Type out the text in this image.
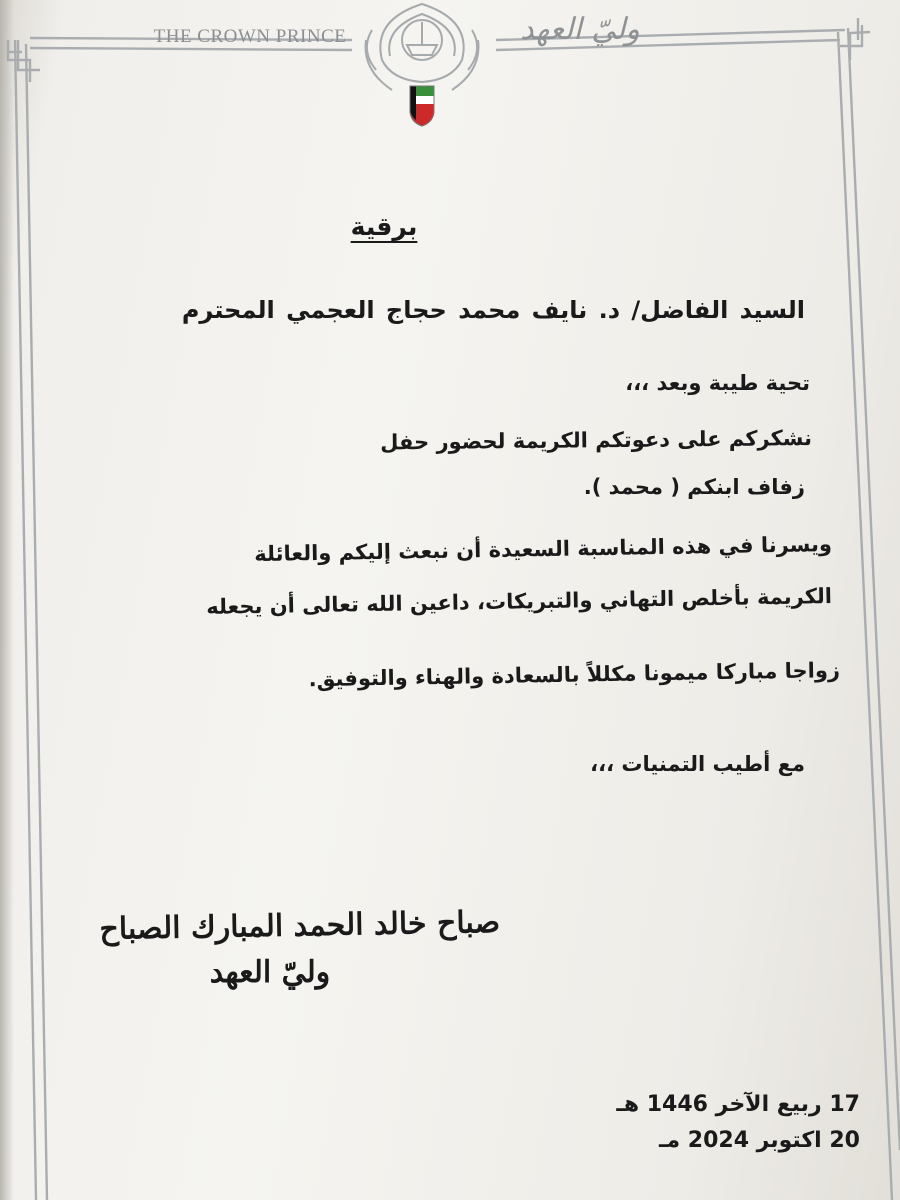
THE CROWN PRINCE	وليّ العهد
برقية
السيد الفاضل/ د. نايف محمد حجاج العجمي المحترم
تحية طيبة وبعد ،،،
نشكركم على دعوتكم الكريمة لحضور حفل
زفاف ابنكم ( محمد ).
ويسرنا في هذه المناسبة السعيدة أن نبعث إليكم والعائلة
الكريمة بأخلص التهاني والتبريكات، داعين الله تعالى أن يجعله
زواجا مباركا ميمونا مكللاً بالسعادة والهناء والتوفيق.
مع أطيب التمنيات ،،،
صباح خالد الحمد المبارك الصباح
وليّ العهد
17 ربيع الآخر 1446 هـ
20 اكتوبر 2024 مـ
